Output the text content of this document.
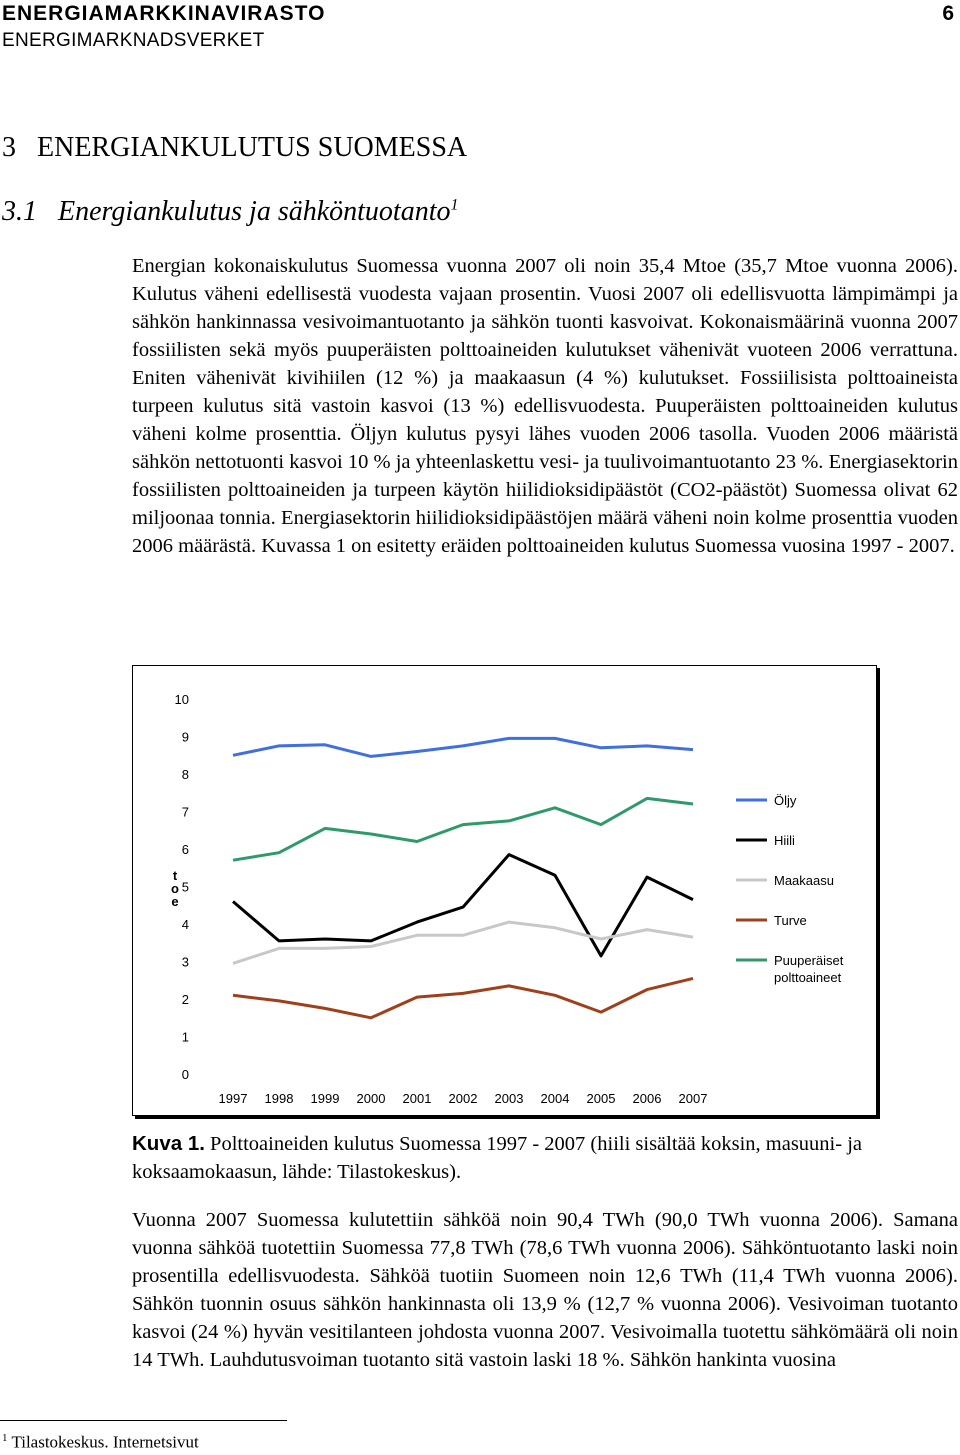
ENERGIAMARKKINAVIRASTO
ENERGIMARKNADSVERKET
6
3   ENERGIANKULUTUS SUOMESSA
3.1   Energiankulutus ja sähköntuotanto$^1$
Energian kokonaiskulutus Suomessa vuonna 2007 oli noin 35,4 Mtoe (35,7 Mtoe vuonna 2006). Kulutus väheni edellisestä vuodesta vajaan prosentin. Vuosi 2007 oli edellisvuotta lämpimämpi ja sähkön hankinnassa vesivoimantuotanto ja sähkön tuonti kasvoivat. Kokonaismäärinä vuonna 2007 fossiilisten sekä myös puuperäisten polttoaineiden kulutukset vähenivät vuoteen 2006 verrattuna. Eniten vähenivät kivihiilen (12 %) ja maakaasun (4 %) kulutukset. Fossiilisista polttoaineista turpeen kulutus sitä vastoin kasvoi (13 %) edellisvuodesta. Puuperäisten polttoaineiden kulutus väheni kolme prosenttia. Öljyn kulutus pysyi lähes vuoden 2006 tasolla. Vuoden 2006 määristä sähkön nettotuonti kasvoi 10 % ja yhteenlaskettu vesi- ja tuulivoimantuotanto 23 %. Energiasektorin fossiilisten polttoaineiden ja turpeen käytön hiilidioksidipäästöt (CO2-päästöt) Suomessa olivat 62 miljoonaa tonnia. Energiasektorin hiilidioksidipäästöjen määrä väheni noin kolme prosenttia vuoden 2006 määrästä. Kuvassa 1 on esitetty eräiden polttoaineiden kulutus Suomessa vuosina 1997 - 2007.
0
1
2
3
4
5
6
7
8
9
10
1997 1998 1999 2000 2001 2002 2003 2004 2005 2006 2007
Öljy
Hiili
Maakaasu
Turve
Puuperäiset
polttoaineet
e
o
t
Kuva 1. Polttoaineiden kulutus Suomessa 1997 - 2007 (hiili sisältää koksin, masuuni- ja koksaamokaasun, lähde: Tilastokeskus).
Vuonna 2007 Suomessa kulutettiin sähköä noin 90,4 TWh (90,0 TWh vuonna 2006). Samana vuonna sähköä tuotettiin Suomessa 77,8 TWh (78,6 TWh vuonna 2006). Sähköntuotanto laski noin prosentilla edellisvuodesta. Sähköä tuotiin Suomeen noin 12,6 TWh (11,4 TWh vuonna 2006). Sähkön tuonnin osuus sähkön hankinnasta oli 13,9 % (12,7 % vuonna 2006). Vesivoiman tuotanto kasvoi (24 %) hyvän vesitilanteen johdosta vuonna 2007. Vesivoimalla tuotettu sähkömäärä oli noin 14 TWh. Lauhdutusvoiman tuotanto sitä vastoin laski 18 %. Sähkön hankinta vuosina
$^1$ Tilastokeskus. Internetsivut
